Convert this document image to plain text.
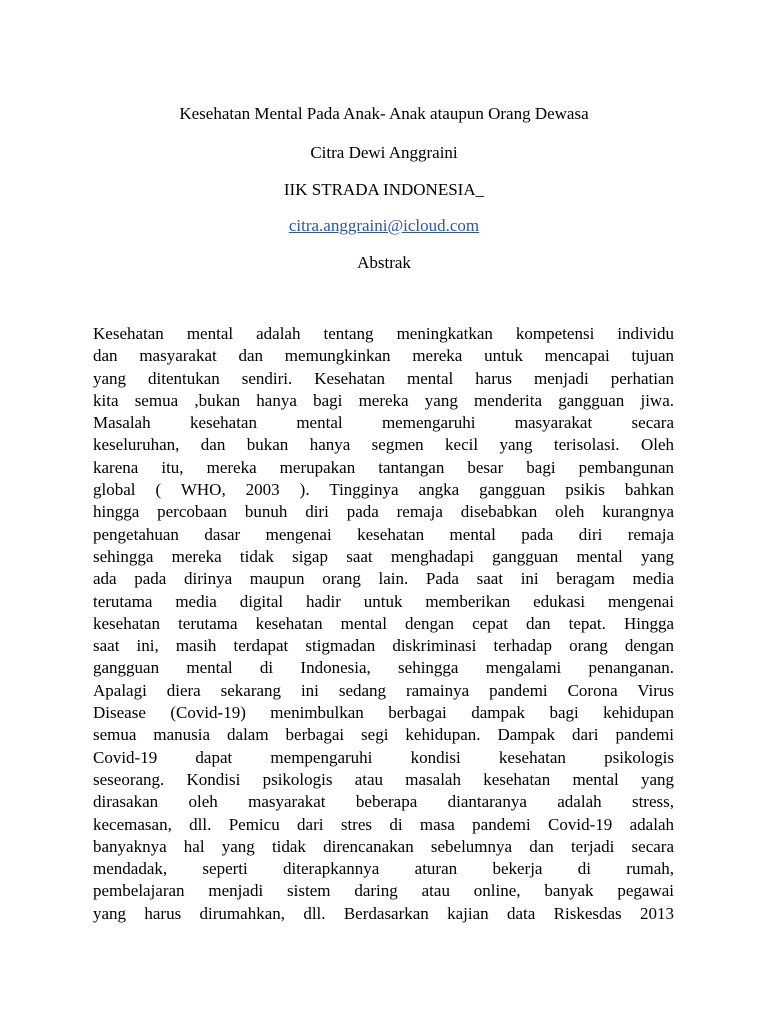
Kesehatan Mental Pada Anak- Anak ataupun Orang Dewasa
Citra Dewi Anggraini
IIK STRADA INDONESIA_
citra.anggraini@icloud.com
Abstrak
Kesehatan mental adalah tentang meningkatkan kompetensi individu
dan masyarakat dan memungkinkan mereka untuk mencapai tujuan
yang ditentukan sendiri. Kesehatan mental harus menjadi perhatian
kita semua ,bukan hanya bagi mereka yang menderita gangguan jiwa.
Masalah kesehatan mental memengaruhi masyarakat secara
keseluruhan, dan bukan hanya segmen kecil yang terisolasi. Oleh
karena itu, mereka merupakan tantangan besar bagi pembangunan
global ( WHO, 2003 ). Tingginya angka gangguan psikis bahkan
hingga percobaan bunuh diri pada remaja disebabkan oleh kurangnya
pengetahuan dasar mengenai kesehatan mental pada diri remaja
sehingga mereka tidak sigap saat menghadapi gangguan mental yang
ada pada dirinya maupun orang lain. Pada saat ini beragam media
terutama media digital hadir untuk memberikan edukasi mengenai
kesehatan terutama kesehatan mental dengan cepat dan tepat. Hingga
saat ini, masih terdapat stigmadan diskriminasi terhadap orang dengan
gangguan mental di Indonesia, sehingga mengalami penanganan.
Apalagi diera sekarang ini sedang ramainya pandemi Corona Virus
Disease (Covid-19) menimbulkan berbagai dampak bagi kehidupan
semua manusia dalam berbagai segi kehidupan. Dampak dari pandemi
Covid-19 dapat mempengaruhi kondisi kesehatan psikologis
seseorang. Kondisi psikologis atau masalah kesehatan mental yang
dirasakan oleh masyarakat beberapa diantaranya adalah stress,
kecemasan, dll. Pemicu dari stres di masa pandemi Covid-19 adalah
banyaknya hal yang tidak direncanakan sebelumnya dan terjadi secara
mendadak, seperti diterapkannya aturan bekerja di rumah,
pembelajaran menjadi sistem daring atau online, banyak pegawai
yang harus dirumahkan, dll. Berdasarkan kajian data Riskesdas 2013
